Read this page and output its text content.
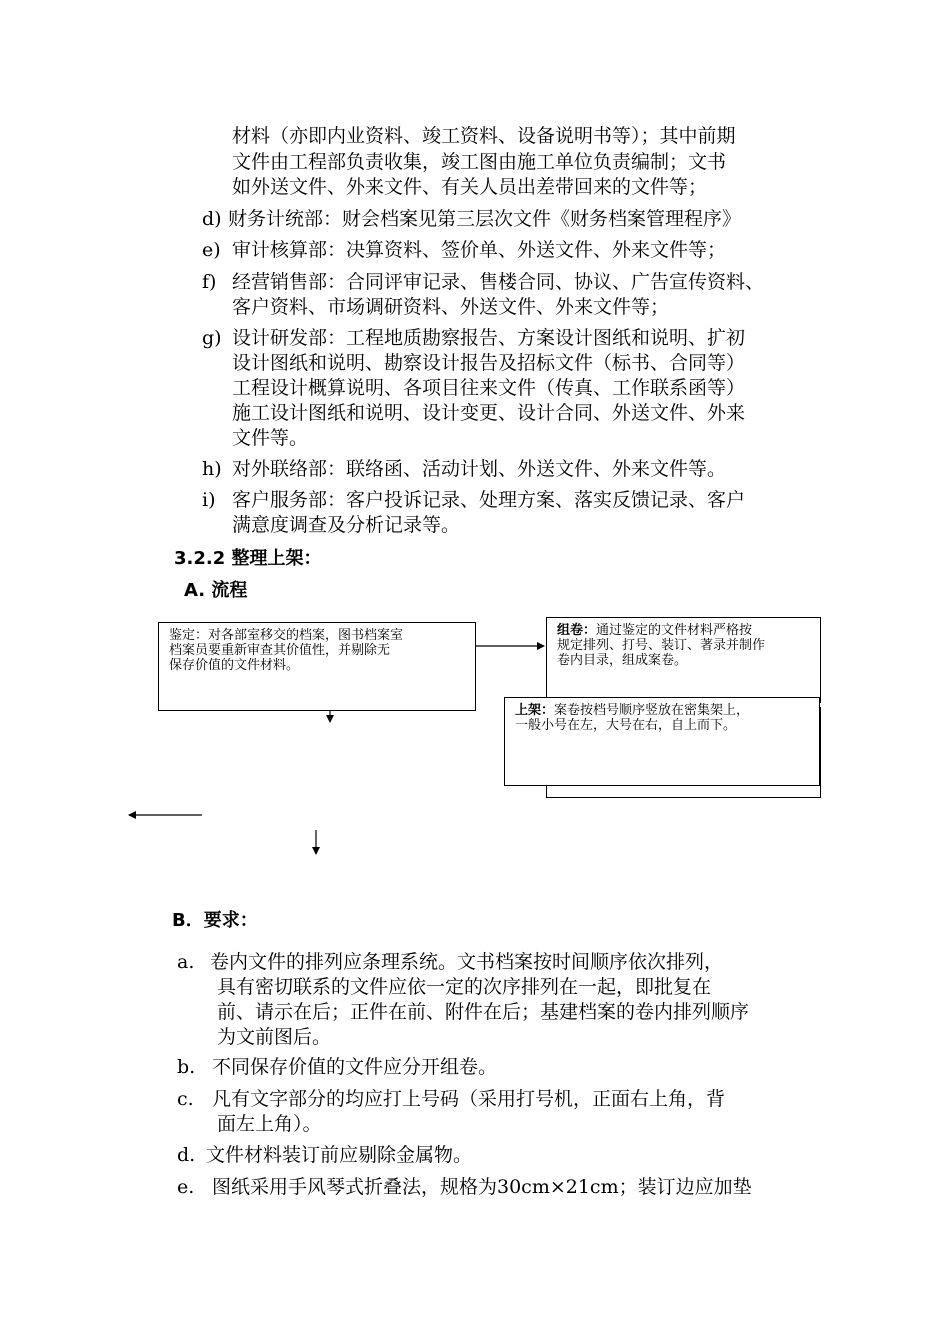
材料（亦即内业资料、竣工资料、设备说明书等）；其中前期
文件由工程部负责收集，竣工图由施工单位负责编制；文书
如外送文件、外来文件、有关人员出差带回来的文件等；
d) 财务计统部：财会档案见第三层次文件《财务档案管理程序》
e) 审计核算部：决算资料、签价单、外送文件、外来文件等；
f) 经营销售部：合同评审记录、售楼合同、协议、广告宣传资料、
客户资料、市场调研资料、外送文件、外来文件等；
g) 设计研发部：工程地质勘察报告、方案设计图纸和说明、扩初
设计图纸和说明、勘察设计报告及招标文件（标书、合同等）
工程设计概算说明、各项目往来文件（传真、工作联系函等）
施工设计图纸和说明、设计变更、设计合同、外送文件、外来
文件等。
h) 对外联络部：联络函、活动计划、外送文件、外来文件等。
i) 客户服务部：客户投诉记录、处理方案、落实反馈记录、客户
满意度调查及分析记录等。
3.2.2 整理上架：
A. 流程
鉴定：对各部室移交的档案，图书档案室
档案员要重新审查其价值性，并剔除无
保存价值的文件材料。
组卷：通过鉴定的文件材料严格按
规定排列、打号、装订、著录并制作
卷内目录，组成案卷。
上架：案卷按档号顺序竖放在密集架上，
一般小号在左，大号在右，自上而下。
B．要求：
a. 卷内文件的排列应条理系统。文书档案按时间顺序依次排列，
具有密切联系的文件应依一定的次序排列在一起，即批复在
前、请示在后；正件在前、附件在后；基建档案的卷内排列顺序
为文前图后。
b. 不同保存价值的文件应分开组卷。
c. 凡有文字部分的均应打上号码（采用打号机，正面右上角，背
面左上角）。
d. 文件材料装订前应剔除金属物。
e. 图纸采用手风琴式折叠法，规格为30cm×21cm；装订边应加垫
